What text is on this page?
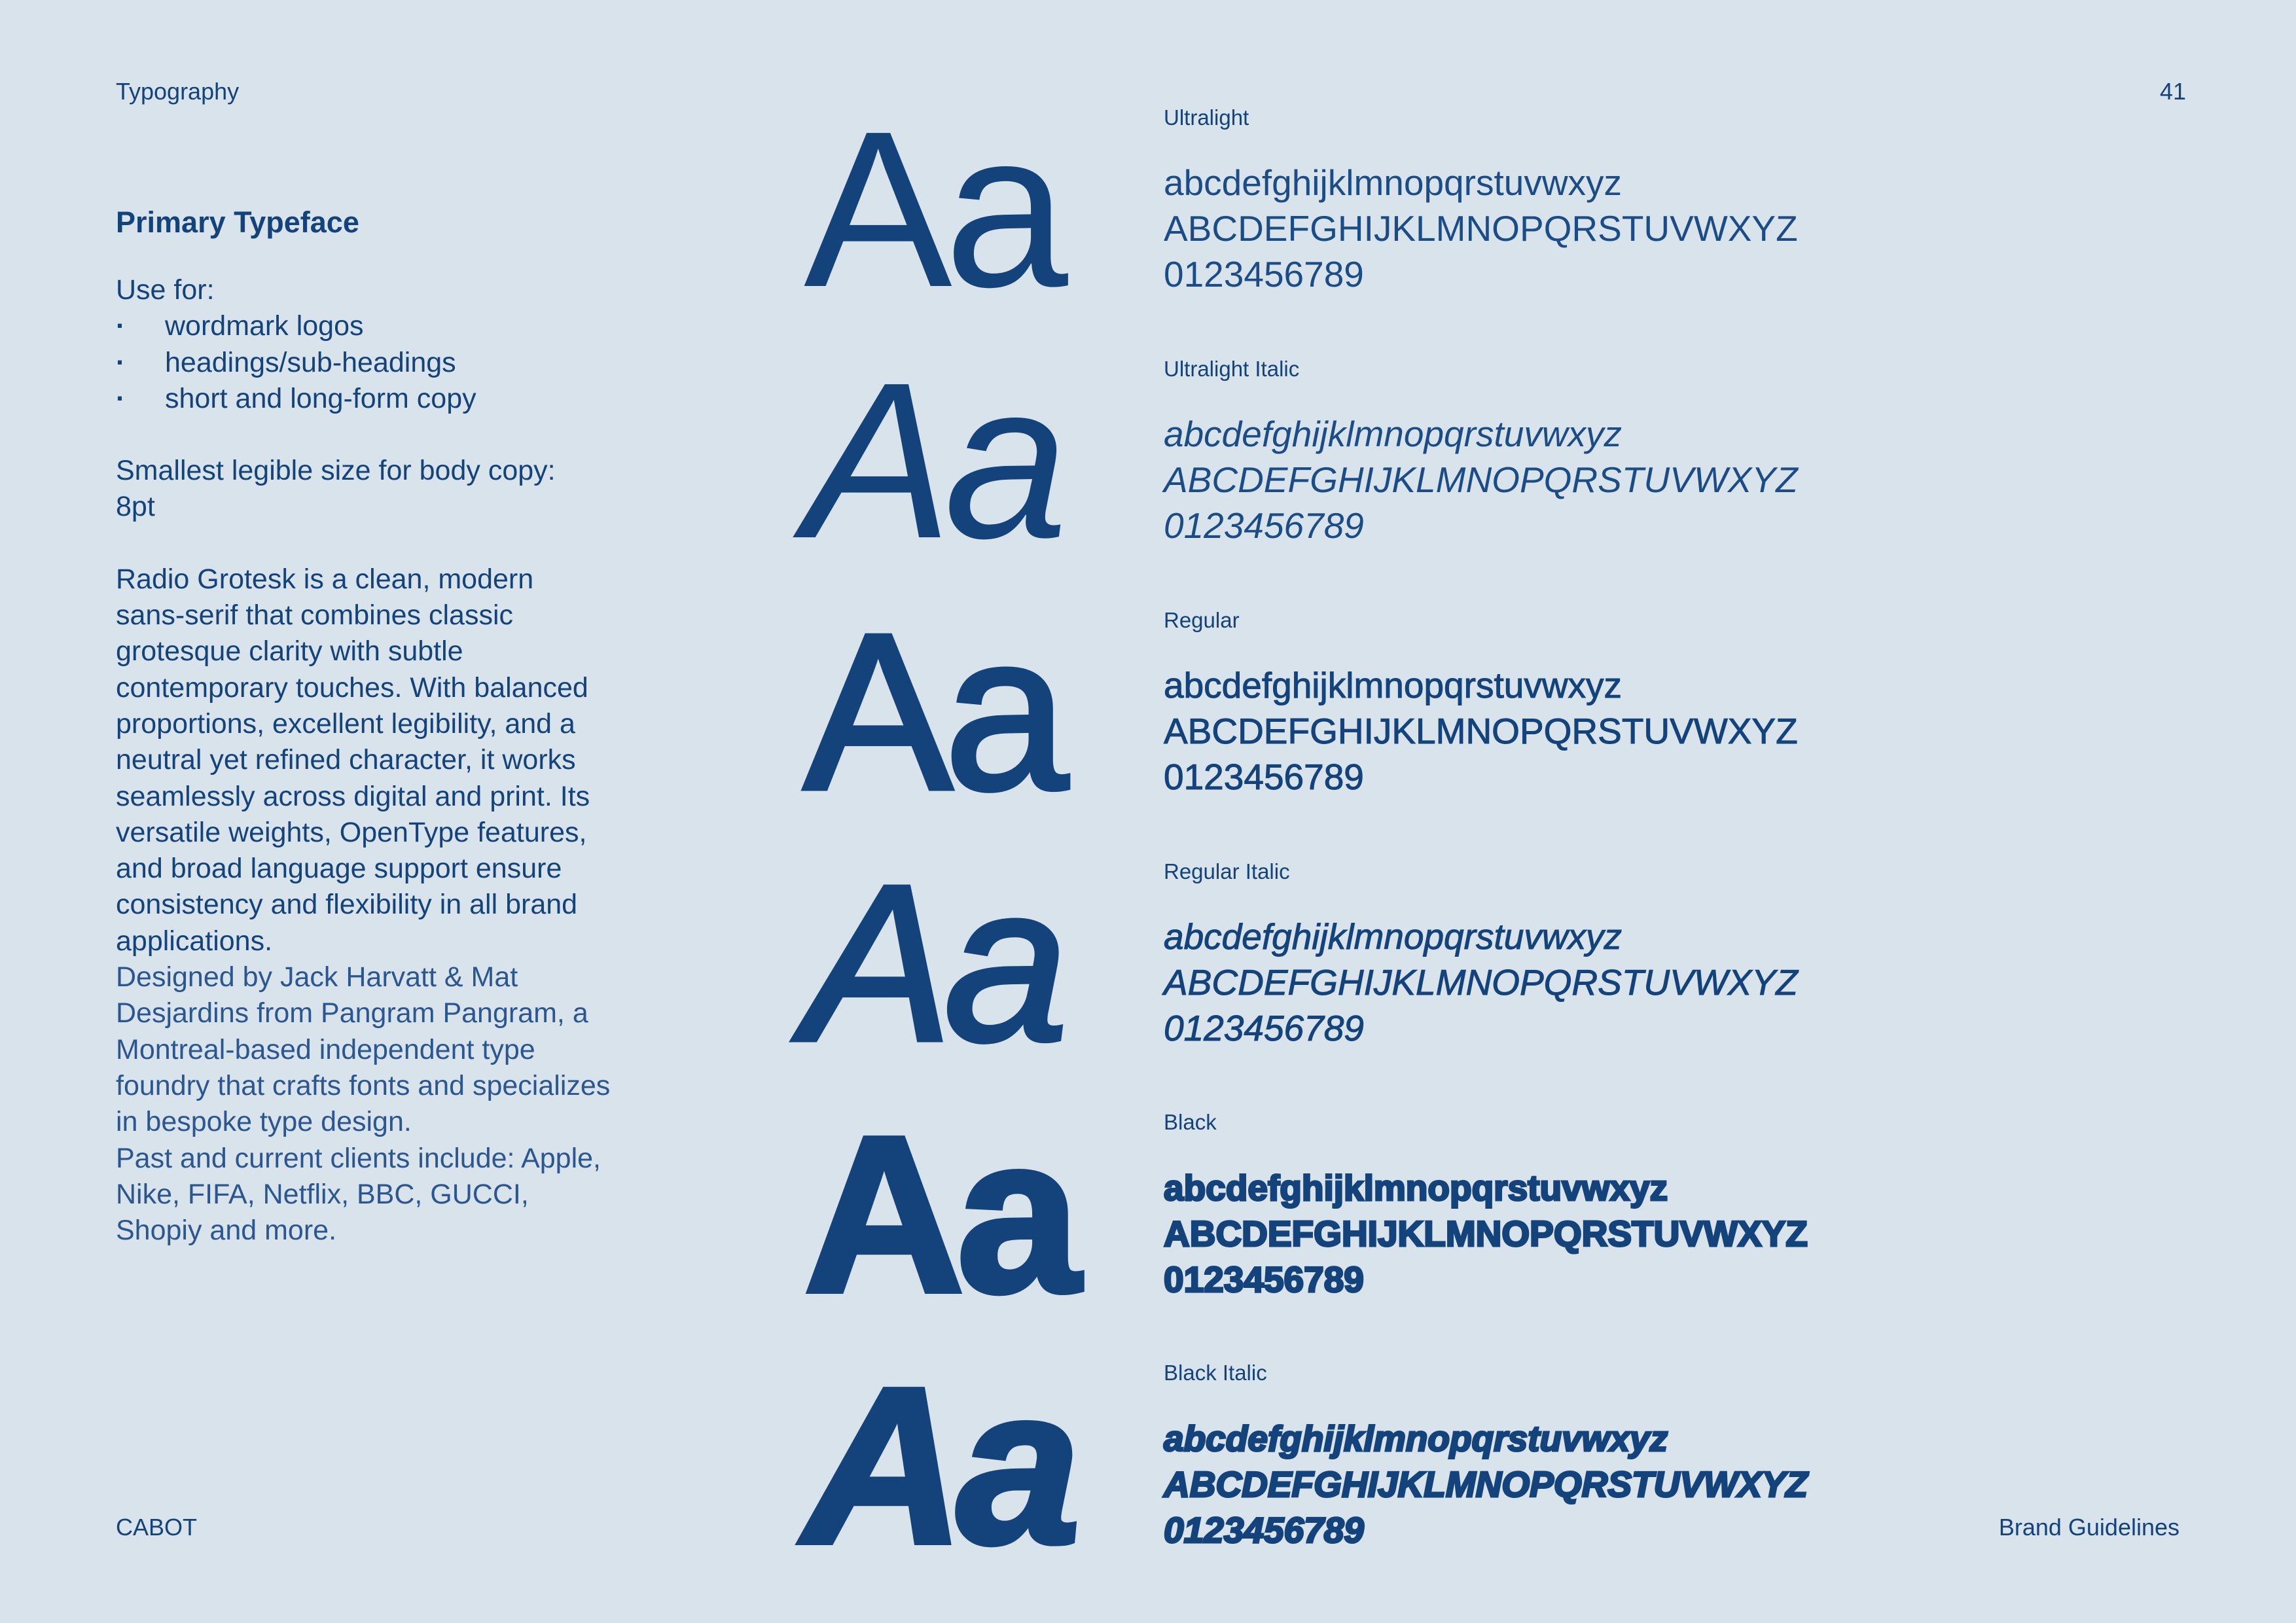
Typography	41
Primary Typeface

Use for:

· wordmark logos
· headings/sub-headings
· short and long-form copy

Smallest legible size for body copy:

8pt

Radio Grotesk is a clean, modern sans-serif that combines classic grotesque clarity with subtle contemporary touches. With balanced proportions, excellent legibility, and a neutral yet refined character, it works seamlessly across digital and print. Its versatile weights, OpenType features, and broad language support ensure consistency and flexibility in all brand applications.

Designed by Jack Harvatt & Mat Desjardins from Pangram Pangram, a Montreal-based independent type foundry that crafts fonts and specializes in bespoke type design.

Past and current clients include: Apple, Nike, FIFA, Netflix, BBC, GUCCI, Shopiy and more.

Aa	Ultralight
abcdefghijklmnopqrstuvwxyz
ABCDEFGHIJKLMNOPQRSTUVWXYZ
0123456789
Aa	Ultralight Italic
abcdefghijklmnopqrstuvwxyz
ABCDEFGHIJKLMNOPQRSTUVWXYZ
0123456789
Aa	Regular
abcdefghijklmnopqrstuvwxyz
ABCDEFGHIJKLMNOPQRSTUVWXYZ
0123456789
Aa	Regular Italic
abcdefghijklmnopqrstuvwxyz
ABCDEFGHIJKLMNOPQRSTUVWXYZ
0123456789
Aa	Black
abcdefghijklmnopqrstuvwxyz
ABCDEFGHIJKLMNOPQRSTUVWXYZ
0123456789
Aa	Black Italic
abcdefghijklmnopqrstuvwxyz
ABCDEFGHIJKLMNOPQRSTUVWXYZ
0123456789
CABOT	Brand Guidelines
